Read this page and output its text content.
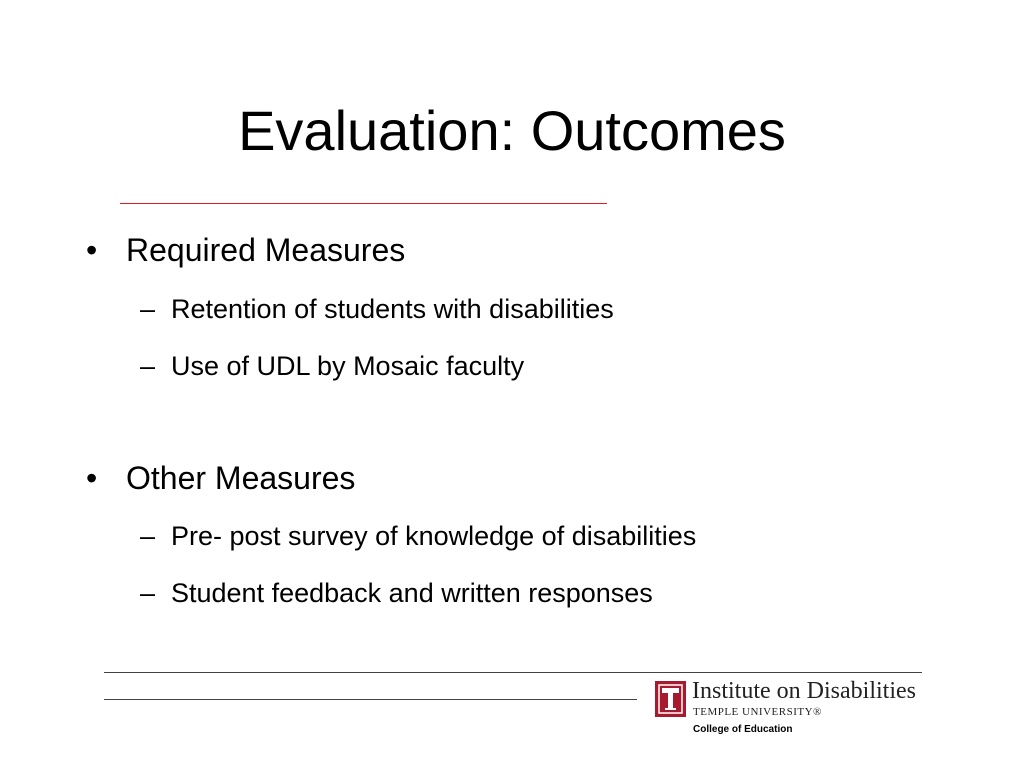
Evaluation: Outcomes
• Required Measures
– Retention of students with disabilities
– Use of UDL by Mosaic faculty
• Other Measures
– Pre- post survey of knowledge of disabilities
– Student feedback and written responses
Institute on Disabilities
TEMPLE UNIVERSITY®
College of Education
